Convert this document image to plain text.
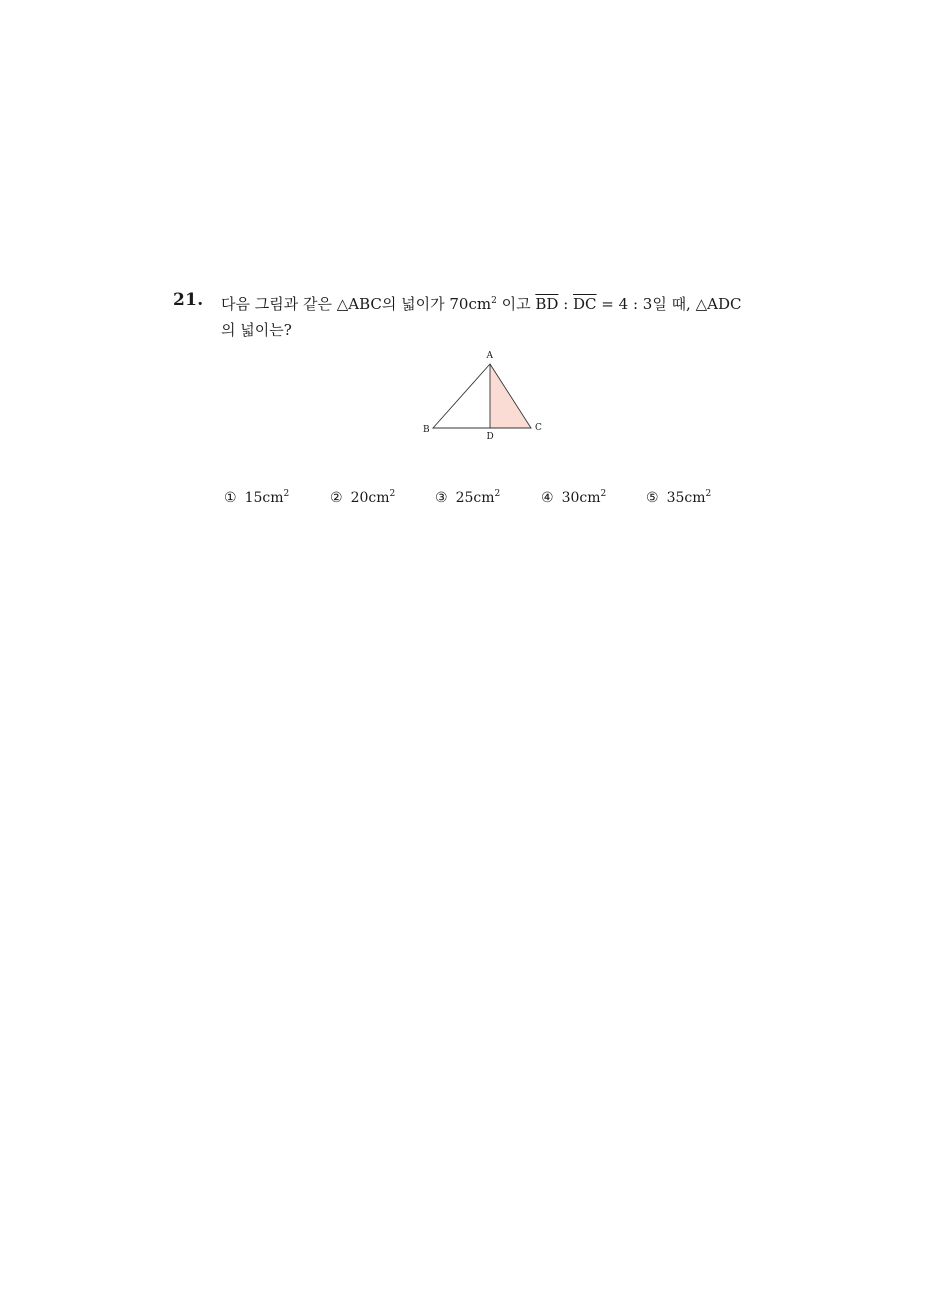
21. 다음 그림과 같은 △ABC의 넓이가 $70cm^2$ 이고 $\overline{BD}$ : $\overline{DC} = 4$ : 3일 때, △ADC
의 넓이는?
A
B	C
D
① $15cm^2$	② $20cm^2$	③ $25cm^2$	④ $30cm^2$	⑤ $35cm^2$
